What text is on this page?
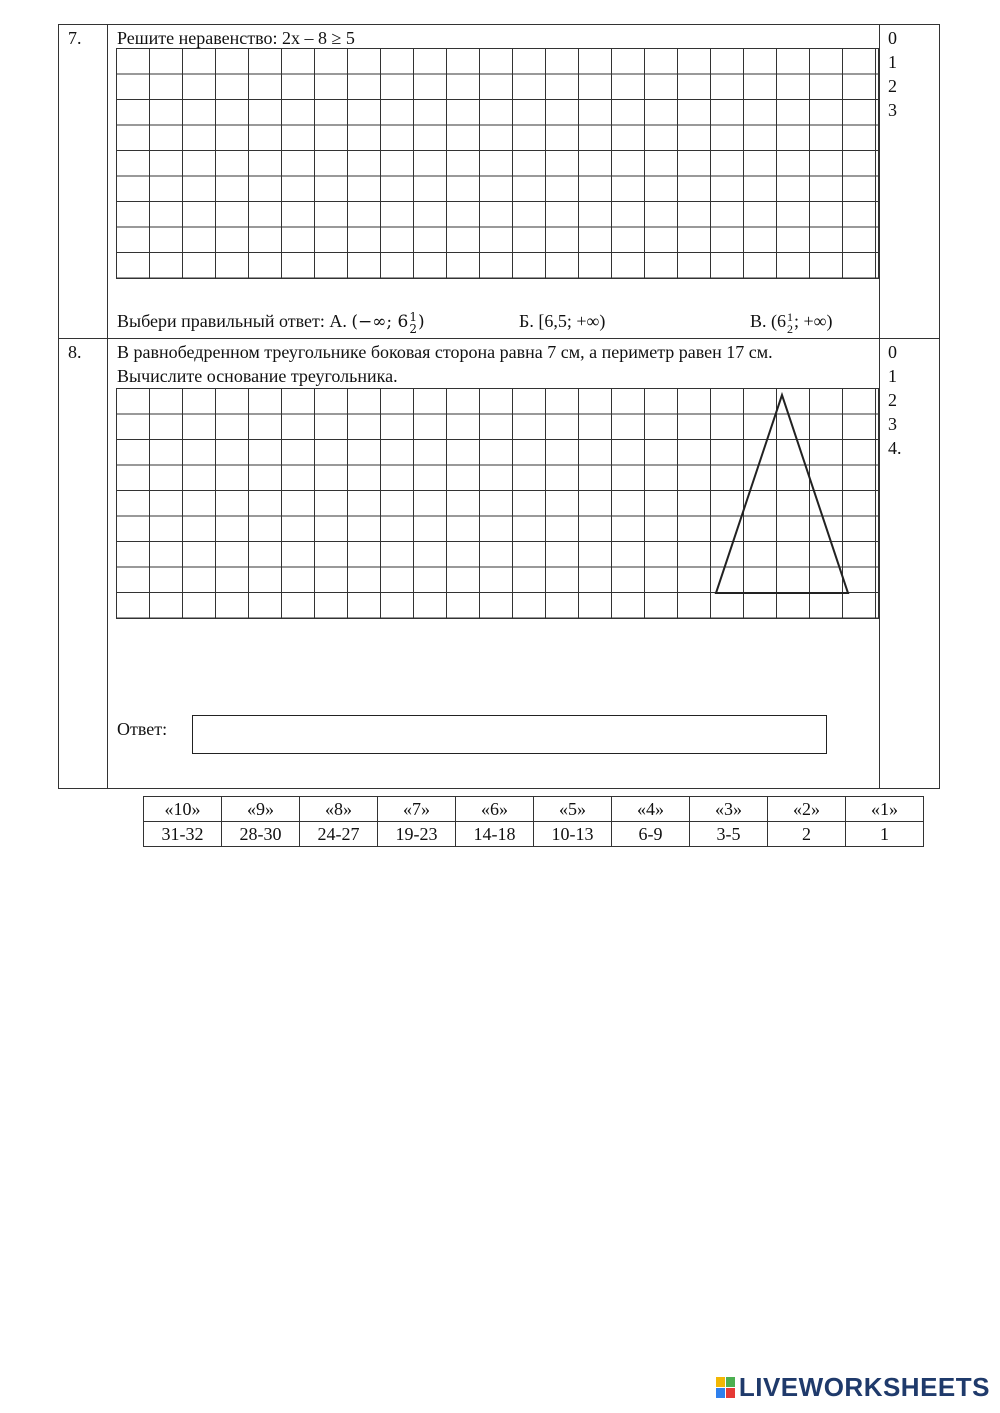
7. Решите неравенство: 2x – 8 ≥ 5	0
1
2
3
Выбери правильный ответ: А. (−∞; 6 1
2 )	Б. [6,5; +∞)	В. (6 1
2 ; +∞)
8. В равнобедренном треугольнике боковая сторона равна 7 см, а периметр равен 17 см.
Вычислите основание треугольника.
0
1
2
3
4.
Ответ:
«10»	«9»	«8»	«7»	«6»	«5»	«4»	«3»	«2»	«1»
31-32	28-30	24-27	19-23	14-18	10-13	6-9	3-5	2	1
LIVEWORKSHEETS
